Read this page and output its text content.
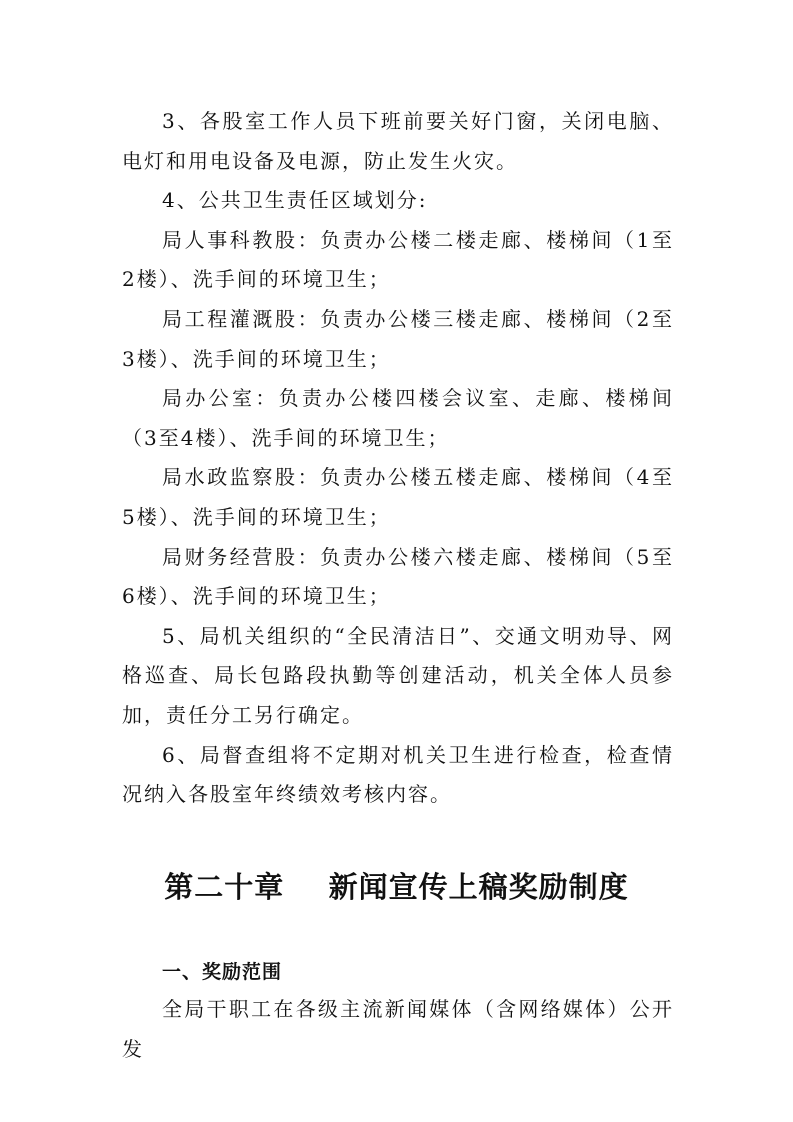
3、各股室工作人员下班前要关好门窗，关闭电脑、电灯和用电设备及电源，防止发生火灾。

4、公共卫生责任区域划分:

局人事科教股：负责办公楼二楼走廊、楼梯间（1至2楼）、洗手间的环境卫生；

局工程灌溉股：负责办公楼三楼走廊、楼梯间（2至3楼）、洗手间的环境卫生；

局办公室：负责办公楼四楼会议室、走廊、楼梯间（3至4楼）、洗手间的环境卫生；

局水政监察股：负责办公楼五楼走廊、楼梯间（4至5楼）、洗手间的环境卫生；

局财务经营股：负责办公楼六楼走廊、楼梯间（5至6楼）、洗手间的环境卫生；

5、局机关组织的“全民清洁日”、交通文明劝导、网格巡查、局长包路段执勤等创建活动，机关全体人员参加，责任分工另行确定。

6、局督查组将不定期对机关卫生进行检查，检查情况纳入各股室年终绩效考核内容。

第二十章    新闻宣传上稿奖励制度
一、奖励范围

全局干职工在各级主流新闻媒体（含网络媒体）公开发
